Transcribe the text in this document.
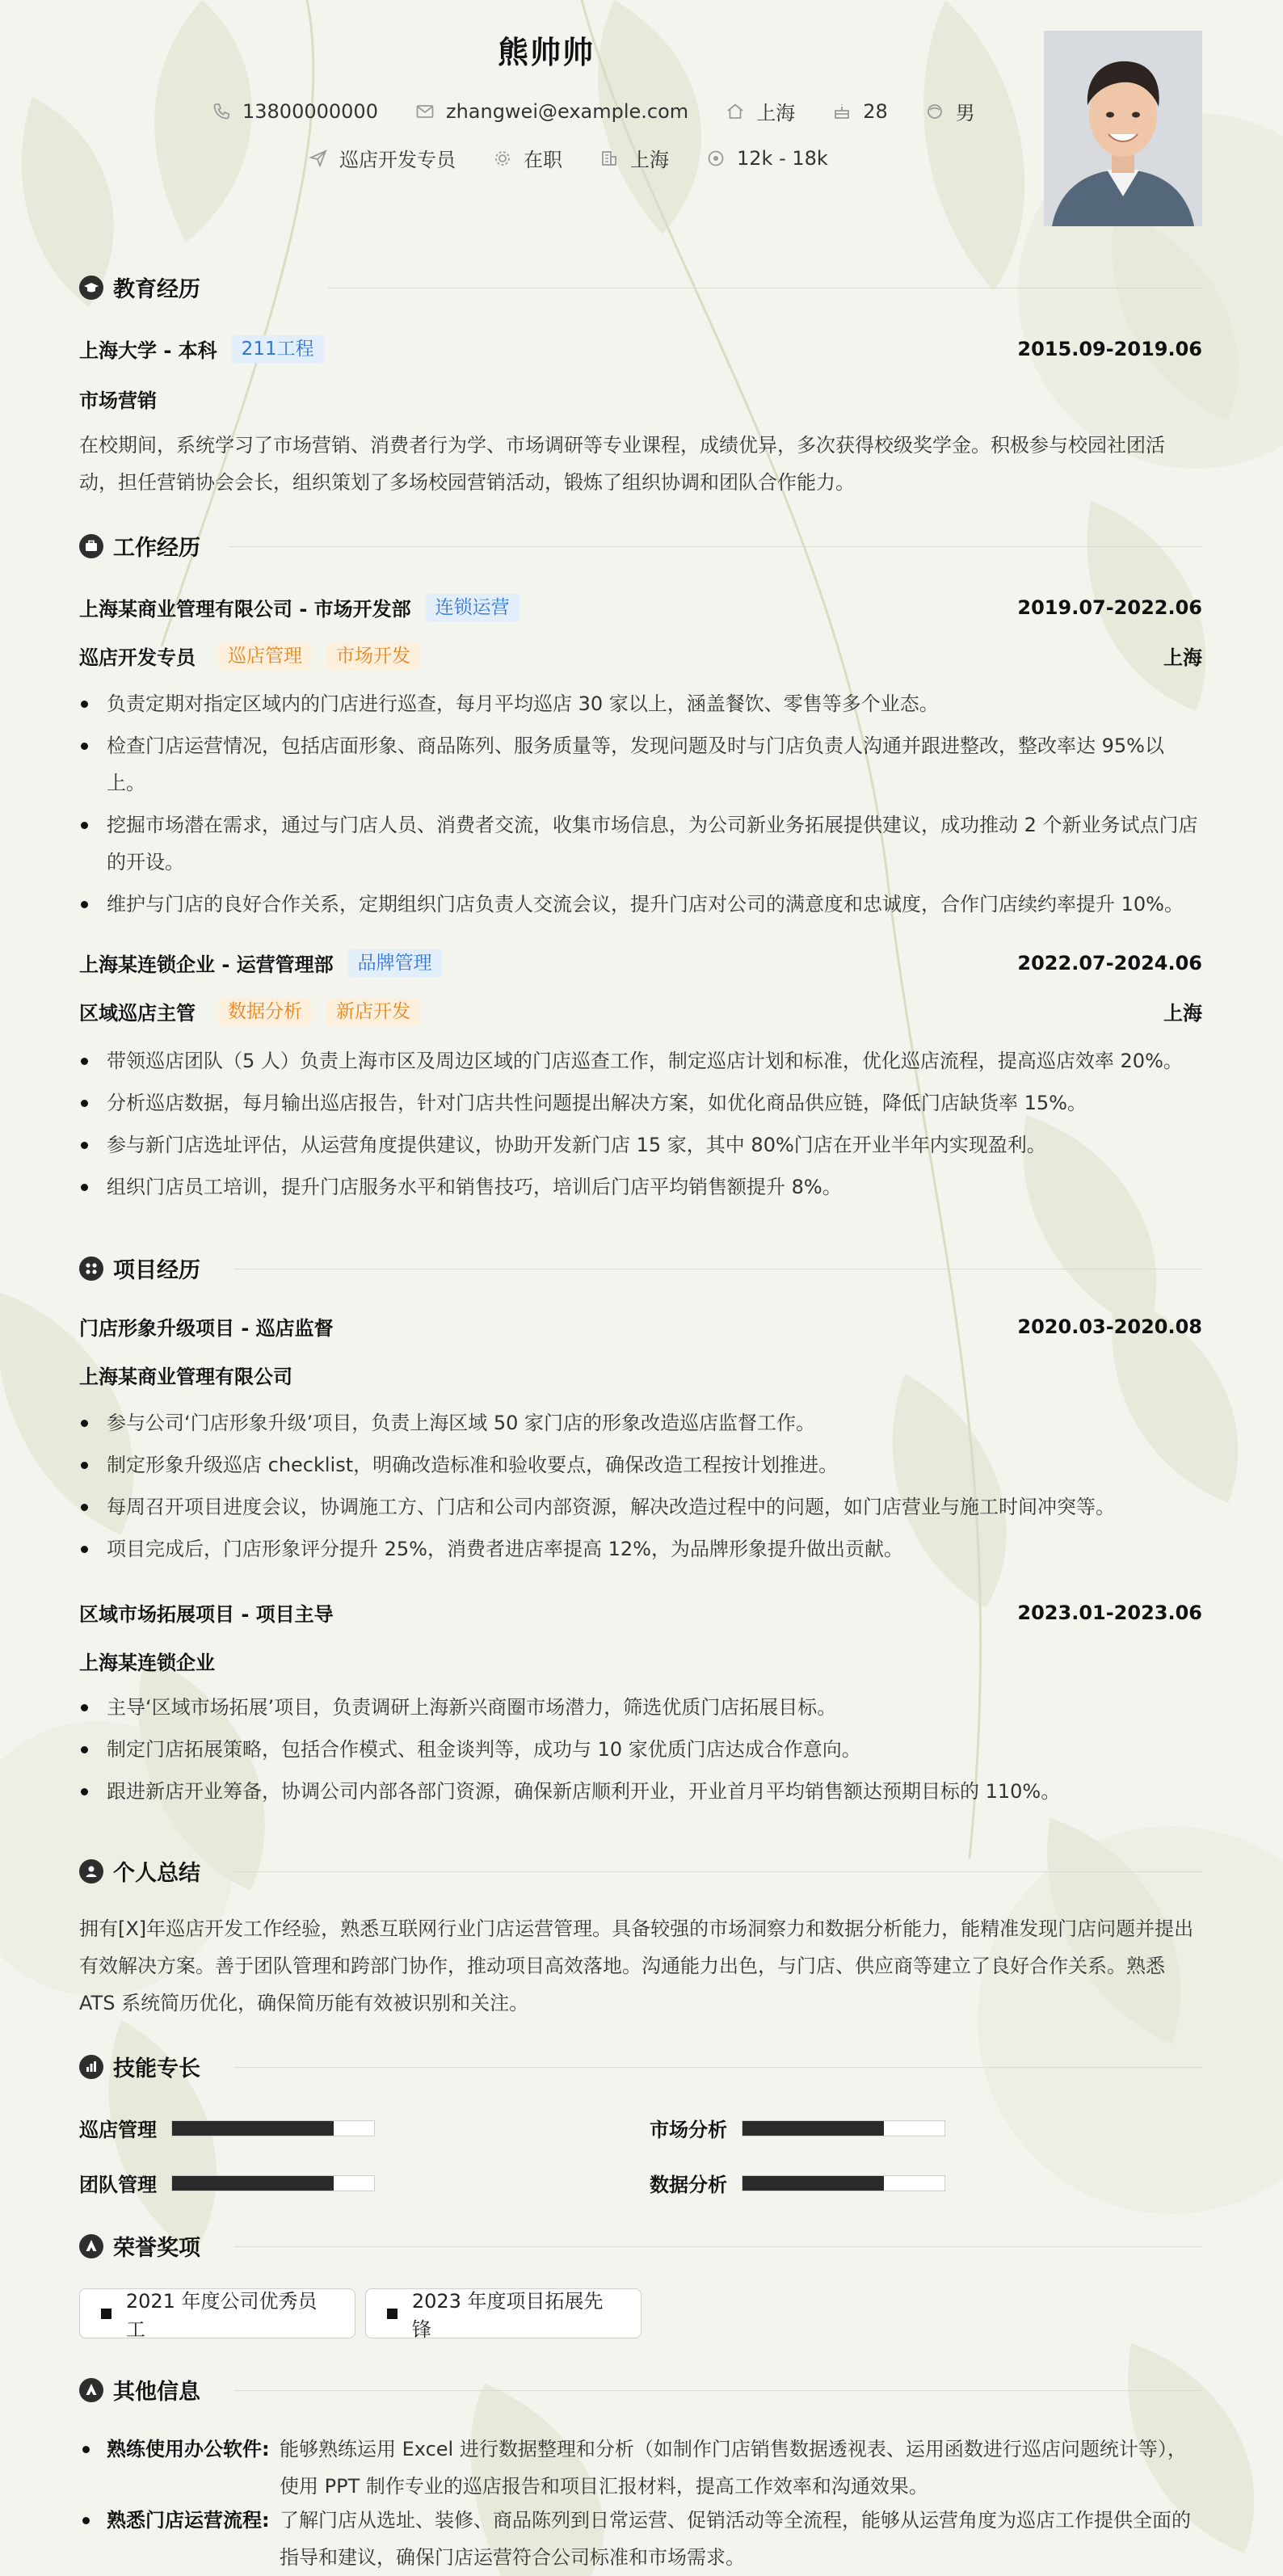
熊帅帅
13800000000	zhangwei@example.com	上海	28	男
巡店开发专员	在职	上海	12k - 18k
教育经历
上海大学 - 本科	211工程	2015.09-2019.06
市场营销

在校期间，系统学习了市场营销、消费者行为学、市场调研等专业课程，成绩优异，多次获得校级奖学金。积极参与校园社团活动，担任营销协会会长，组织策划了多场校园营销活动，锻炼了组织协调和团队合作能力。

工作经历
上海某商业管理有限公司 - 市场开发部	连锁运营	2019.07-2022.06
巡店开发专员	巡店管理	市场开发	上海
负责定期对指定区域内的门店进行巡查，每月平均巡店 30 家以上，涵盖餐饮、零售等多个业态。
检查门店运营情况，包括店面形象、商品陈列、服务质量等，发现问题及时与门店负责人沟通并跟进整改，整改率达 95%以上。
挖掘市场潜在需求，通过与门店人员、消费者交流，收集市场信息，为公司新业务拓展提供建议，成功推动 2 个新业务试点门店的开设。
维护与门店的良好合作关系，定期组织门店负责人交流会议，提升门店对公司的满意度和忠诚度，合作门店续约率提升 10%。
上海某连锁企业 - 运营管理部	品牌管理	2022.07-2024.06
区域巡店主管	数据分析	新店开发	上海
带领巡店团队（5 人）负责上海市区及周边区域的门店巡查工作，制定巡店计划和标准，优化巡店流程，提高巡店效率 20%。
分析巡店数据，每月输出巡店报告，针对门店共性问题提出解决方案，如优化商品供应链，降低门店缺货率 15%。
参与新门店选址评估，从运营角度提供建议，协助开发新门店 15 家，其中 80%门店在开业半年内实现盈利。
组织门店员工培训，提升门店服务水平和销售技巧，培训后门店平均销售额提升 8%。
项目经历
门店形象升级项目 - 巡店监督	2020.03-2020.08
上海某商业管理有限公司
参与公司‘门店形象升级’项目，负责上海区域 50 家门店的形象改造巡店监督工作。
制定形象升级巡店 checklist，明确改造标准和验收要点，确保改造工程按计划推进。
每周召开项目进度会议，协调施工方、门店和公司内部资源，解决改造过程中的问题，如门店营业与施工时间冲突等。
项目完成后，门店形象评分提升 25%，消费者进店率提高 12%，为品牌形象提升做出贡献。
区域市场拓展项目 - 项目主导	2023.01-2023.06
上海某连锁企业
主导‘区域市场拓展’项目，负责调研上海新兴商圈市场潜力，筛选优质门店拓展目标。
制定门店拓展策略，包括合作模式、租金谈判等，成功与 10 家优质门店达成合作意向。
跟进新店开业筹备，协调公司内部各部门资源，确保新店顺利开业，开业首月平均销售额达预期目标的 110%。
个人总结

拥有[X]年巡店开发工作经验，熟悉互联网行业门店运营管理。具备较强的市场洞察力和数据分析能力，能精准发现门店问题并提出有效解决方案。善于团队管理和跨部门协作，推动项目高效落地。沟通能力出色，与门店、供应商等建立了良好合作关系。熟悉 ATS 系统简历优化，确保简历能有效被识别和关注。

技能专长
巡店管理	市场分析
团队管理	数据分析
荣誉奖项
2021 年度公司优秀员工
2023 年度项目拓展先锋
其他信息
熟练使用办公软件: 能够熟练运用 Excel 进行数据整理和分析（如制作门店销售数据透视表、运用函数进行巡店问题统计等），使用 PPT 制作专业的巡店报告和项目汇报材料，提高工作效率和沟通效果。
熟悉门店运营流程: 了解门店从选址、装修、商品陈列到日常运营、促销活动等全流程，能够从运营角度为巡店工作提供全面的指导和建议，确保门店运营符合公司标准和市场需求。
